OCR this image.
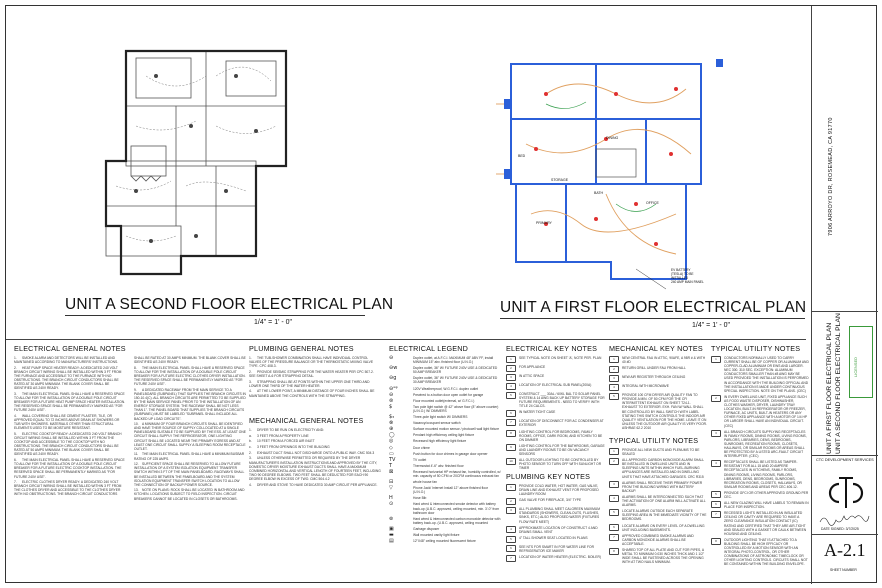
UNIT A SECOND FLOOR ELECTRICAL PLAN
1/4" = 1' - 0"
BED
STORAGE
DINING
PRIMARY
OFFICE
BATH
EV BATTERY
(TESLA) TO BE
INSTALLED
240 AMP MAIN PANEL
UNIT A FIRST FLOOR ELECTRICAL PLAN
1/4" = 1' - 0"
ELECTRICAL GENERAL NOTES
1. SMOKE ALARM AND DETECTORS WILL BE INSTALLED AND MAINTAINED ACCORDING TO MANUFACTURERS' INSTRUCTIONS.
2. HEAT PUMP SPACE HEATER READY: A DEDICATED 240 VOLT BRANCH CIRCUIT WIRING SHALL BE INSTALLED WITHIN 3 FT FROM THE FURNACE AND ACCESSIBLE TO THE FURNACE WITH NO OBSTRUCTIONS. THE BRANCH CIRCUIT CONDUCTORS SHALL BE RATED AT 30 AMPS MINIMUM. THE BLANK COVER SHALL BE IDENTIFIED AS 240V READY.
3. THE MAIN ELECTRICAL PANEL SHALL HAVE A RESERVED SPACE TO ALLOW FOR THE INSTALLATION OF A DOUBLE POLE CIRCUIT BREAKER FOR A FUTURE HEAT PUMP SPACE HEATER INSTALLATION. THE RESERVED SPACE SHALL BE PERMANENTLY MARKED AS "FOR FUTURE 240V USE".
4. WALL COVERING SHALL BE CEMENT PLASTER, TILE, OR APPROVED EQUAL TO 72 INCHES ABOVE DRAIN AT SHOWERS OR TUB WITH SHOWERS. MATERIALS OTHER THAN STRUCTURAL ELEMENTS USED TO BE MOISTURE RESISTANT.
5. ELECTRIC COOKTOP READY: A DEDICATED 240 VOLT BRANCH CIRCUIT WIRING SHALL BE INSTALLED WITHIN 3 FT FROM THE COOKTOP AND ACCESSIBLE TO THE COOKTOP WITH NO OBSTRUCTIONS. THE BRANCH CIRCUIT CONDUCTORS SHALL BE RATED AT 50 AMPS MINIMUM. THE BLANK COVER SHALL BE IDENTIFIED AS 240V READY.
6. THE MAIN ELECTRICAL PANEL SHALL HAVE A RESERVED SPACE TO ALLOW FOR THE INSTALLATION OF A DOUBLE POLE CIRCUIT BREAKER FOR A FUTURE ELECTRIC COOKTOP INSTALLATION. THE RESERVED SPACE SHALL BE PERMANENTLY MARKED AS "FOR FUTURE 240V USE".
7. ELECTRIC CLOTHES DRYER READY: A DEDICATED 240 VOLT BRANCH CIRCUIT WIRING SHALL BE INSTALLED WITHIN 3 FT FROM THE CLOTHES DRYER AND ACCESSIBLE TO THE CLOTHES DRYER WITH NO OBSTRUCTIONS. THE BRANCH CIRCUIT CONDUCTORS SHALL BE RATED AT 30 AMPS MINIMUM. THE BLANK COVER SHALL BE IDENTIFIED AS 240V READY.
8. THE MAIN ELECTRICAL PANEL SHALL HAVE A RESERVED SPACE TO ALLOW FOR THE INSTALLATION OF A DOUBLE POLE CIRCUIT BREAKER FOR A FUTURE ELECTRIC CLOTHES DRYER INSTALLATION. THE RESERVED SPACE SHALL BE PERMANENTLY MARKED AS "FOR FUTURE 240V USE".
9. A DEDICATED RACEWAY FROM THE MAIN SERVICE TO A PANELBOARD (SUBPANEL) THAT SUPPLIES THE BRANCH CIRCUITS IN 150-10.4(C). ALL BRANCH CIRCUITS ARE PERMITTED TO BE SUPPLIED BY THE MAIN SERVICE PANEL PRIOR TO THE INSTALLATION OF AN ENERGY STORAGE SYSTEM. THE RACEWAY SHALL BE NOT LESS THAN 1". THE PANEL BOARD THAT SUPPLIES THE BRANCH CIRCUITS (SUBPANEL) MUST BE LABELED "SUBPANEL SHALL INCLUDE ALL BACKED UP LOAD CIRCUITS".
10. A MINIMUM OF FOUR BRANCH CIRCUITS SHALL BE IDENTIFIED AND HAVE THEIR SOURCE OF SUPPLY COLLOCATED AT A SINGLE PANELBOARD SUITABLE TO BE SUPPLIED BY THE ESS. AT LEAST ONE CIRCUIT SHALL SUPPLY THE REFRIGERATOR, ONE LIGHTING CIRCUIT SHALL BE LOCATED NEAR THE PRIMARY EGRESS AND AT LEAST ONE CIRCUIT SHALL SUPPLY A SLEEPING ROOM RECEPTACLE OUTLET.
11. THE MAIN ELECTRICAL PANEL SHALL HAVE A MINIMUM BUSBAR RATING OF 225 AMPS.
12. SUFFICIENT SPACE SHALL BE RESERVED TO ALLOW FUTURE INSTALLATION OF A SYSTEM ISOLATION EQUIPMENT TRANSFER SWITCH WITHIN 3 FT OF THE MAIN PANELBOARD. RACEWAYS SHALL BE INSTALLED BETWEEN THE PANELBOARD AND THE SYSTEM ISOLATION EQUIPMENT TRANSFER SWITCH LOCATION TO ALLOW THE CONNECTION OF BACKUP POWER SOURCE.
13. NOTE ON PLANS: ROCK SHALL BE LOCATED IN BATHROOM AND KITCHEN. LOCATIONS SUBJECT TO FIELD INSPECTION. CIRCUIT BREAKERS CANNOT BE LOCATED IN CLOSETS OR BATHROOMS.
PLUMBING GENERAL NOTES
1. THE TUB-SHOWER COMBINATION SHALL HAVE INDIVIDUAL CONTROL VALVES OF THE PRESSURE BALANCE OR THE THERMOSTATIC MIXING VALVE TYPE. CPC 408.3.
2. PROVIDE SEISMIC STRAPPING FOR THE WATER HEATER PER CPC 507.2. SEE SHEET A-6 FOR STRAPPING DETAIL.
3. STRAPPING SHALL BE AT POINTS WITHIN THE UPPER ONE THIRD AND LOWER ONE THIRD OF THE WATER HEATER.
4. AT THE LOWER POINT, A MINIMUM DISTANCE OF FOUR INCHES SHALL BE MAINTAINED ABOVE THE CONTROLS WITH THE STRAPPING.
MECHANICAL GENERAL NOTES
1. DRYER TO BE RUN ON ELECTRICITY AND:
a. 3 FEET FROM A PROPERTY LINE
b. 10 FEET FROM A FORCED AIR INLET
c. 3 FEET FROM OPENINGS INTO THE BUILDING
2. EXHAUST DUCT SHALL NOT DISCHARGE ONTO A PUBLIC WAY. CMC 504.3
3. UNLESS OTHERWISE PERMITTED OR REQUIRED BY THE DRYER MANUFACTURER'S INSTALLATION INSTRUCTIONS AND APPROVED BY THE CITY, DOMESTIC DRYER MOISTURE EXHAUST DUCTS SHALL HAVE A MAXIMUM COMBINED HORIZONTAL AND VERTICAL LENGTH OF FOURTEEN FEET, INCLUDING TWO 90 DEGREE ELBOWS. TWO FEET SHALL BE DEDUCTED FOR EACH 90 DEGREE ELBOW IN EXCESS OF TWO. CMC 504.4.2
4. DRYER AND STOVE TO HAVE DEDICATED 30 AMP CIRCUIT PER APPLIANCE.
ELECTRICAL LEGEND
⊖	Duplex outlet, at A.F.C.I. MAXIMUM 48" ABV FF, install MINIMUM 15" abv. finished floor (U.N.O.)
⊖w	Duplex outlet, 36" W/ FUTURE 240V USE & DEDICATED 50 AMP BREAKER
⊖g	Duplex outlet, 36" W/ FUTURE 240V USE & DEDICATED 30 AMP BREAKER
⊖ʷᵖ	120V Weatherproof, W.G.F.C.I. duplex outlet
⊖	Prewired to a button door open outlet for garage
⊜	Floor mounted outlet(external, w/ G.F.C.I.)
$	Two pole light switch @ 42" above floor (8" above counter) (U.N.O.) W/ DIMMERS
$₃	Three-pole light switch W/ DIMMERS
⊗	Vacancy/occupant sensor switch
⊕	Surface mounted motion sensor / photocell wall light fixture
◯	Pendant high efficiency ceiling light fixture
◎	Recessed high efficiency light fixture
◇	Door chime
▭	Push button for door chimes in garage door opener
TV	TV outlet
T	Thermostat 4'-6" abv. finished floor
⊠	Recessed horizontal HP exhaust fan, humidity controlled, w/ min. capacity of 50 CFM or 20CFM continuous exhaust fan
⊟	whole house fan
▽	Phone Jack/ Internet Install 12" above finished floor (U.N.O.)
H	Hose Bib
⊙	Hard wired & interconnected smoke detector with battery back-up (U.B.C. approved, ceiling mounted, min. 3'-0" from bathroom door
⊚	Hard wired & interconnected carbon monoxide detector with battery back-up. (U.B.C. approved, ceiling mounted
▣	Garbage disposer
▬	Wall mounted vanity light fixture
▤	12"X48" ceiling mounted fluorescent fixture
ELECTRICAL KEY NOTES
1	SEE TYPICAL NOTE ON SHEET 'A', NOTE PER. PLAN
2	FOR APPLIANCE
3	IN ATTIC SPACE
4	LOCATION OF ELECTRICAL SUB PANEL(200A)
5	CONSTRUCT ___ 30AL / 60KL BAL TO SOLAR PANEL SYSTEM & 14 AWG BACK UP BATTERY STORAGE FOR FUTURE REQUIREMENTS - NEED TO VERIFY WITH TITLE 24 CALCS.
6	IN WATER TIGHT CASE
7	LOCATION OF DISCONNECT FOR AC CONDENSER AT EXTERIOR
8	LIGHTING CONTROL FOR BEDROOMS, FAMILY ROOMS, OFFICE, DARK ROOM, AND KITCHEN TO BE ON DIMMER
9	LIGHTING CONTROL FOR THE BATHROOMS, GARAGE AND LAUNDRY ROOMS TO BE ON VACANCY SENSORS
10	ALL OUTDOOR LIGHTING TO BE CONTROLLED BY PHOTO SENSOR TO TURN OFF WITH SUNLIGHT OR TIMER
PLUMBING KEY NOTES
1	PROVIDE COLD WATER, HOT WATER, GAS VALVE, DRAIN LINE AND EXHAUST VENT FOR PROPOSED LAUNDRY ROOM
2	GAS VALVE FOR FIREPLACE, 3/4" TYPE
3	ALL PLUMBING SHALL MEET CALGREEN MAXIMUM STANDARDS (SHOWERS, CLEAN-OUTS, FLUSHES, SINKS, ETC.) ALSO PROPOSED WATER (FIXTURES FLOW RATE MEET)
4	APPROXIMATE LOCATION OF CONSTRUCT 4 AND DRAINS SMALL VENT
5	4" TALL SHOWER SEAT LOCATED IN PLANS
6	SEE NTS FOR SMART IN FOR WATER LINE FOR REFRIGERATOR ICE MAKER
7	LOCATION OF WATER HEATER (ELECTRIC. BOILER)
MECHANICAL KEY NOTES
1	NEW CENTRAL FAU IN ATTIC, 90AFE, A 98R # & WITH 40 #D
2	RETURN GRILL UNDER FAU FROM HALL
3	NEW AIR REGISTER THROUGH CEILING
4	INTEGRAL WITH MICROWAVE
5	PROVIDE 100 CFM DRYER AIR QUALITY FAN TO PROVIDE A MIN. OF 50 CFM FOR THE CFI INTERMITTENT EXHAUST ON SHEET T24-1. EXHAUST TO EXTERIOR. EXH. FAN W/ WALL SHALL BE CONTROLLED BY WALL SWITCH WITH LABEL STATING THIS SWITCH CONTROLS THE INDOOR AIR QUALITY VENTILATION FOR THE HOME. LEAVE IT ON UNLESS THE OUTDOOR AIR QUALITY IS VERY POOR. ASHRAE 62.2 2010
TYPICAL UTILITY NOTES
1	PROVIDE ALL NEW DUCTS AND PLENUMS TO BE SEALED
2	ALL APPROVED CARBON MONOXIDE ALARM SHALL BE INSTALLED IN DWELLING UNITS AND IN SLEEPING UNITS WITHIN WHICH FUEL-BURNING APPLIANCES ARE INSTALLED AND IN DWELLING UNITS THAT HAVE ATTACHED GARAGES. CRC R315
3	ALARMS SHALL RECEIVE THEIR PRIMARY POWER FROM THE BUILDING WIRING WITH BATTERY BACKUP.
4	ALARMS SHALL BE INTERCONNECTED SUCH THAT THE ACTIVATION OF ONE ALARM WILL ACTIVATE ALL ALARMS.
5	LOCATE ALARMS OUTSIDE EACH SEPARATE SLEEPING AREA IN THE IMMEDIATE VICINITY OF THE BEDROOMS.
6	LOCATE ALARMS ON EVERY LEVEL OF A DWELLING UNIT INCLUDING BASEMENTS.
7	APPROVED COMBINED SMOKE ALARMS AND CARBON MONOXIDE ALARMS SHALL BE ACCEPTABLE.
8	SHARED TOP OF ALL PLATE AND CUT FOR PIPES, A METAL TO MINIMUM 0.030 INCHES THICK AND 1 1/2" WIDE SHALL BE FASTENED ACROSS THE OPENING WITH AT TWO NAILS MINIMUM.
TYPICAL UTILITY NOTES
1	CONDUCTORS NORMALLY USED TO CARRY CURRENT SHALL BE OF COPPER OR ALUMINUM AND COPPER-CLAD ALUMINUM OR EWS AND LARGER. NEC 300. 310 SEC. EXCEPTION: ALUMINUM CONDUCTORS SMALLER THAN #8 AWG MAY BE USED PROVIDED THE INSTALLATION IS PERFORMED IN ACCORDANCE WITH THE BUILDING OFFICIAL AND THE INSTALLATION IS MADE UNDER CONTINUOUS SPECIAL INSPECTION. NOTE ON THE PLANS. (CEC)
2	IN EVERY DWELLING UNIT, FIXED APPLIANCE SUCH AS FOOD WASTE DISPOSER, DISHWASHER, CLOTHES WASHER, DRYER, LAUNDRY TRAY LOCATION, BUILT-IN REFRIGERATOR OR FREEZER, FURNACE, AC UNITS, BUILT-IN HEATERS OR ANY OTHER FIXED APPLIANCE WITH A MOTOR OF 1/4 HP OR LARGER SHALL HAVE AN INDIVIDUAL CIRCUIT. (CEC)
3	ALL BRANCH CIRCUITS SUPPLYING RECEPTACLES IN FAMILY ROOMS, DINING ROOMS, LIVING ROOMS, PARLORS, LIBRARIES, DENS, BEDROOMS, SUNROOMS, RECREATION ROOMS, CLOSETS, HALLWAYS, OR SIMILAR ROOMS OR AREAS SHALL BE PROTECTED BY A LISTED ARC-FAULT CIRCUIT INTERRUPTER. (CEC)
4	RECEPTACLES SHALL BE LISTED AS TAMPER-RESISTANT FOR ALL 15 AND 20 AMPERE RECEPTACLES IN KITCHENS, FAMILY ROOMS, DINING ROOMS, LIVING ROOMS, PARLORS, LIBRARIES, DENS, BEDROOMS, SUNROOMS, RECREATION ROOMS, CLOSETS, HALLWAYS, OR SIMILAR ROOMS AND AREAS PER CEC 406.12.
5	PROVIDE GFCI OR OTHER APPROVED GROUND PER CEC.
6	ALL NEW GLAZING WILL HAVE LABELS TO REMAIN IN PLACE FOR INSPECTION.
7	RECESSED LIGHTS INSTALLED IN AN INSULATED CEILING OR CAVITY ARE REQUIRED TO HAVE A ZERO CLEARANCE INSULATION CONTACT (IC) RATING AND CERTIFIED THAT THEY ARE AIR-TIGHT AND SEALED WITH A GASKET OR CAULK BETWEEN HOUSING AND CEILING.
8	OUTDOOR LIGHTING THAT IS ATTACHED TO A BUILDING SHALL BE HIGH EFFICACY OR CONTROLLED BY A MOTION SENSOR WITH AN INTEGRAL PHOTO-CONTROL, OR OTHER COMBINATIONS OF ASTRONOMIC TIMECLOCK OR OTHER LIGHTING CONTROLS. CIRCUITS SHALL NOT BE CONTAINED WITHIN THE BUILDING ENVELOPE.
7906 ARROYO DR, ROSEMEAD, CA 91770
UNIT A FIRST FLOOR ELECTRICAL PLAN UNIT A SECOND FLOOR ELECTRICAL PLAN	LICENSED
CTC DEVELOPMENT SERVICES
DATE SIGNED: 3/7/2025
A-2.1
SHEET NUMBER
